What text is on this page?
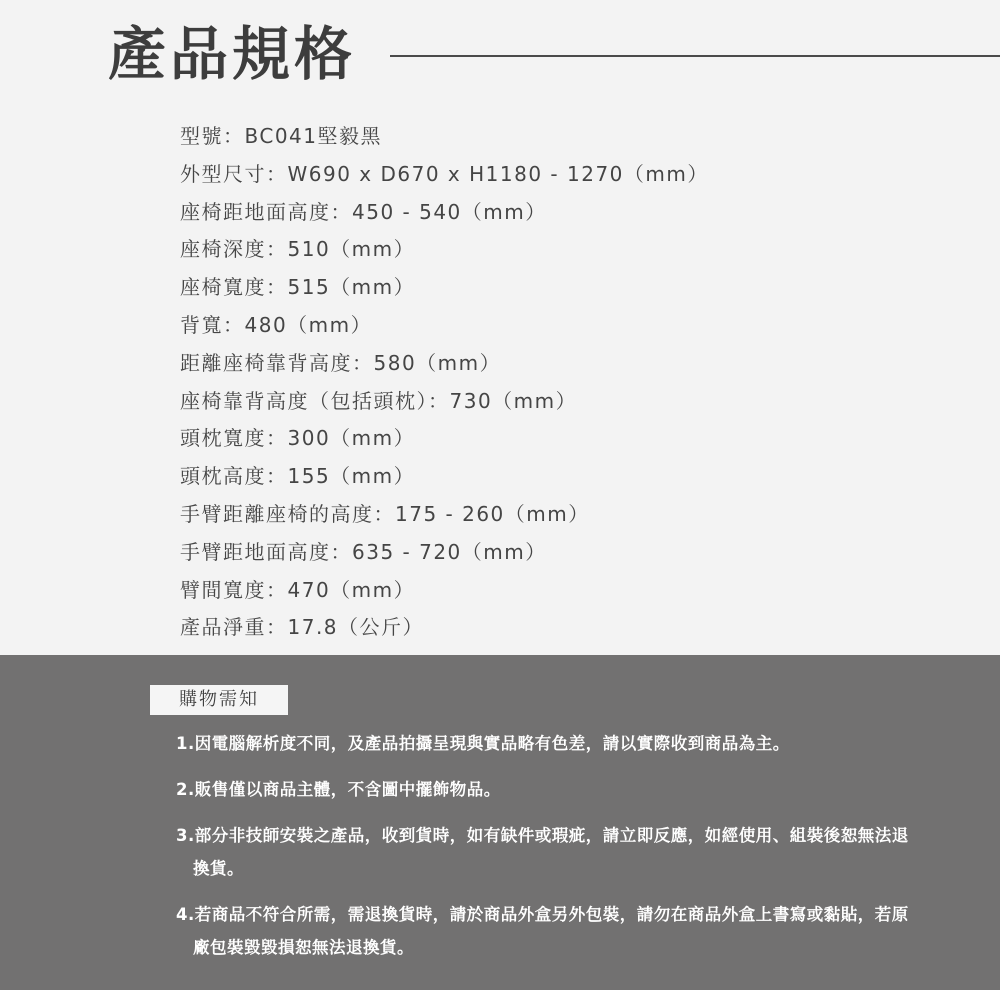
產品規格
型號：BC041堅毅黑
外型尺寸：W690 x D670 x H1180 - 1270（mm）
座椅距地面高度：450 - 540（mm）
座椅深度：510（mm）
座椅寬度：515（mm）
背寬：480（mm）
距離座椅靠背高度：580（mm）
座椅靠背高度（包括頭枕）：730（mm）
頭枕寬度：300（mm）
頭枕高度：155（mm）
手臂距離座椅的高度：175 - 260（mm）
手臂距地面高度：635 - 720（mm）
臂間寬度：470（mm）
產品淨重：17.8（公斤）
購物需知
1.因電腦解析度不同，及產品拍攝呈現與實品略有色差，請以實際收到商品為主。
2.販售僅以商品主體，不含圖中擺飾物品。
3.部分非技師安裝之產品，收到貨時，如有缺件或瑕疵，請立即反應，如經使用、組裝後恕無法退換貨。
4.若商品不符合所需，需退換貨時，請於商品外盒另外包裝，請勿在商品外盒上書寫或黏貼，若原廠包裝毀毀損恕無法退換貨。
